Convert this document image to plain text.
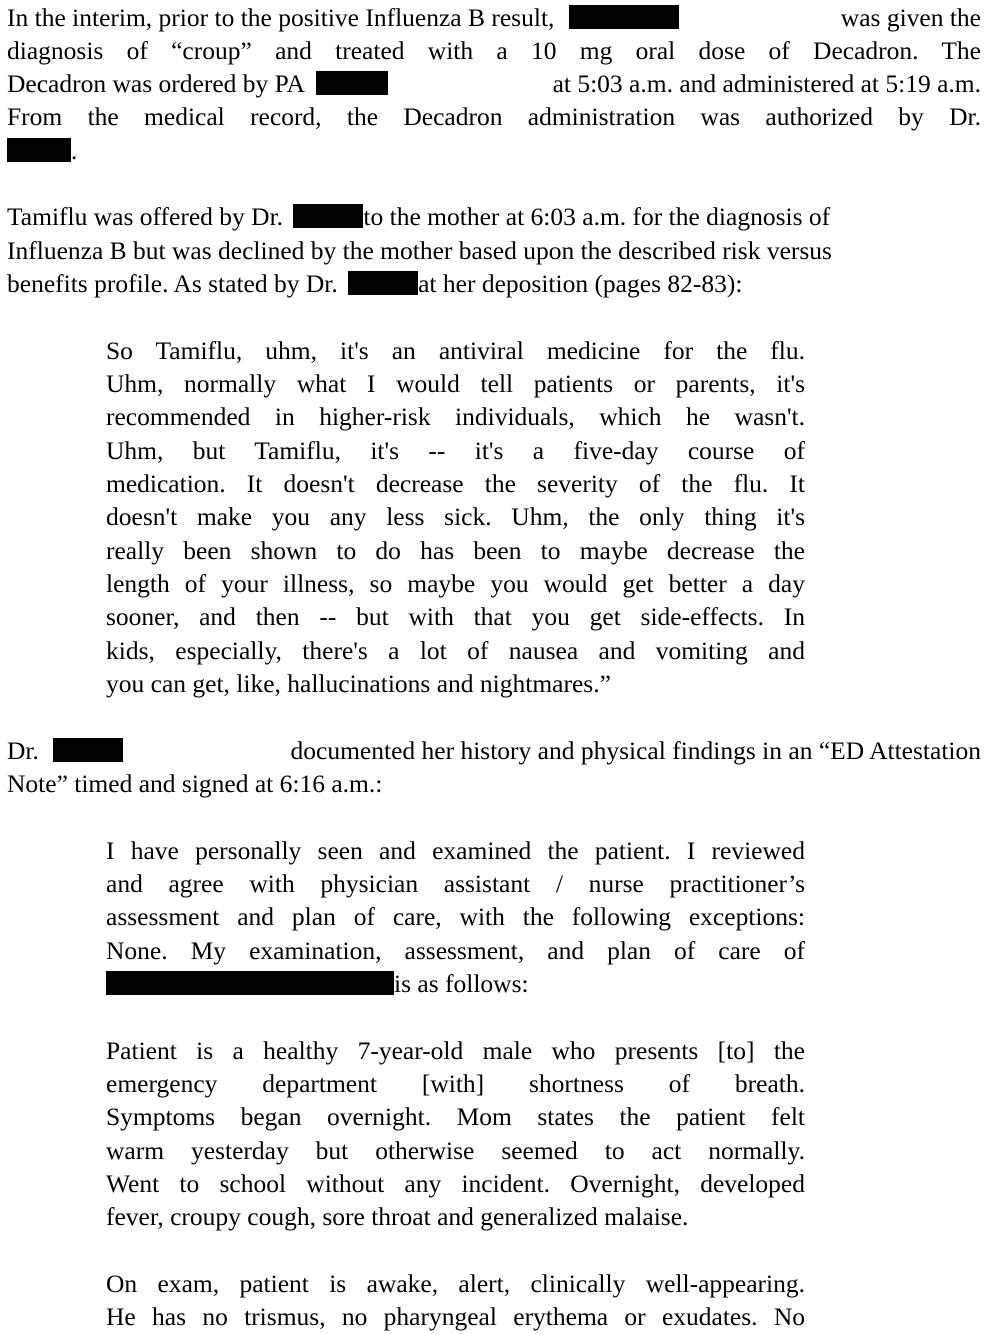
In the interim, prior to the positive Influenza B result,	was given the
diagnosis of “croup” and treated with a 10 mg oral dose of Decadron. The
Decadron was ordered by PA	at 5:03 a.m. and administered at 5:19 a.m.
From the medical record, the Decadron administration was authorized by Dr.
.
Tamiflu was offered by Dr.	to the mother at 6:03 a.m. for the diagnosis of
Influenza B but was declined by the mother based upon the described risk versus
benefits profile. As stated by Dr.	at her deposition (pages 82-83):
So Tamiflu, uhm, it's an antiviral medicine for the flu.
Uhm, normally what I would tell patients or parents, it's
recommended in higher-risk individuals, which he wasn't.
Uhm, but Tamiflu, it's -- it's a five-day course of
medication. It doesn't decrease the severity of the flu. It
doesn't make you any less sick. Uhm, the only thing it's
really been shown to do has been to maybe decrease the
length of your illness, so maybe you would get better a day
sooner, and then -- but with that you get side-effects. In
kids, especially, there's a lot of nausea and vomiting and
you can get, like, hallucinations and nightmares.”
Dr.	documented her history and physical findings in an “ED Attestation
Note” timed and signed at 6:16 a.m.:
I have personally seen and examined the patient. I reviewed
and agree with physician assistant / nurse practitioner’s
assessment and plan of care, with the following exceptions:
None. My examination, assessment, and plan of care of
is as follows:
Patient is a healthy 7-year-old male who presents [to] the
emergency department [with] shortness of breath.
Symptoms began overnight. Mom states the patient felt
warm yesterday but otherwise seemed to act normally.
Went to school without any incident. Overnight, developed
fever, croupy cough, sore throat and generalized malaise.
On exam, patient is awake, alert, clinically well-appearing.
He has no trismus, no pharyngeal erythema or exudates. No
